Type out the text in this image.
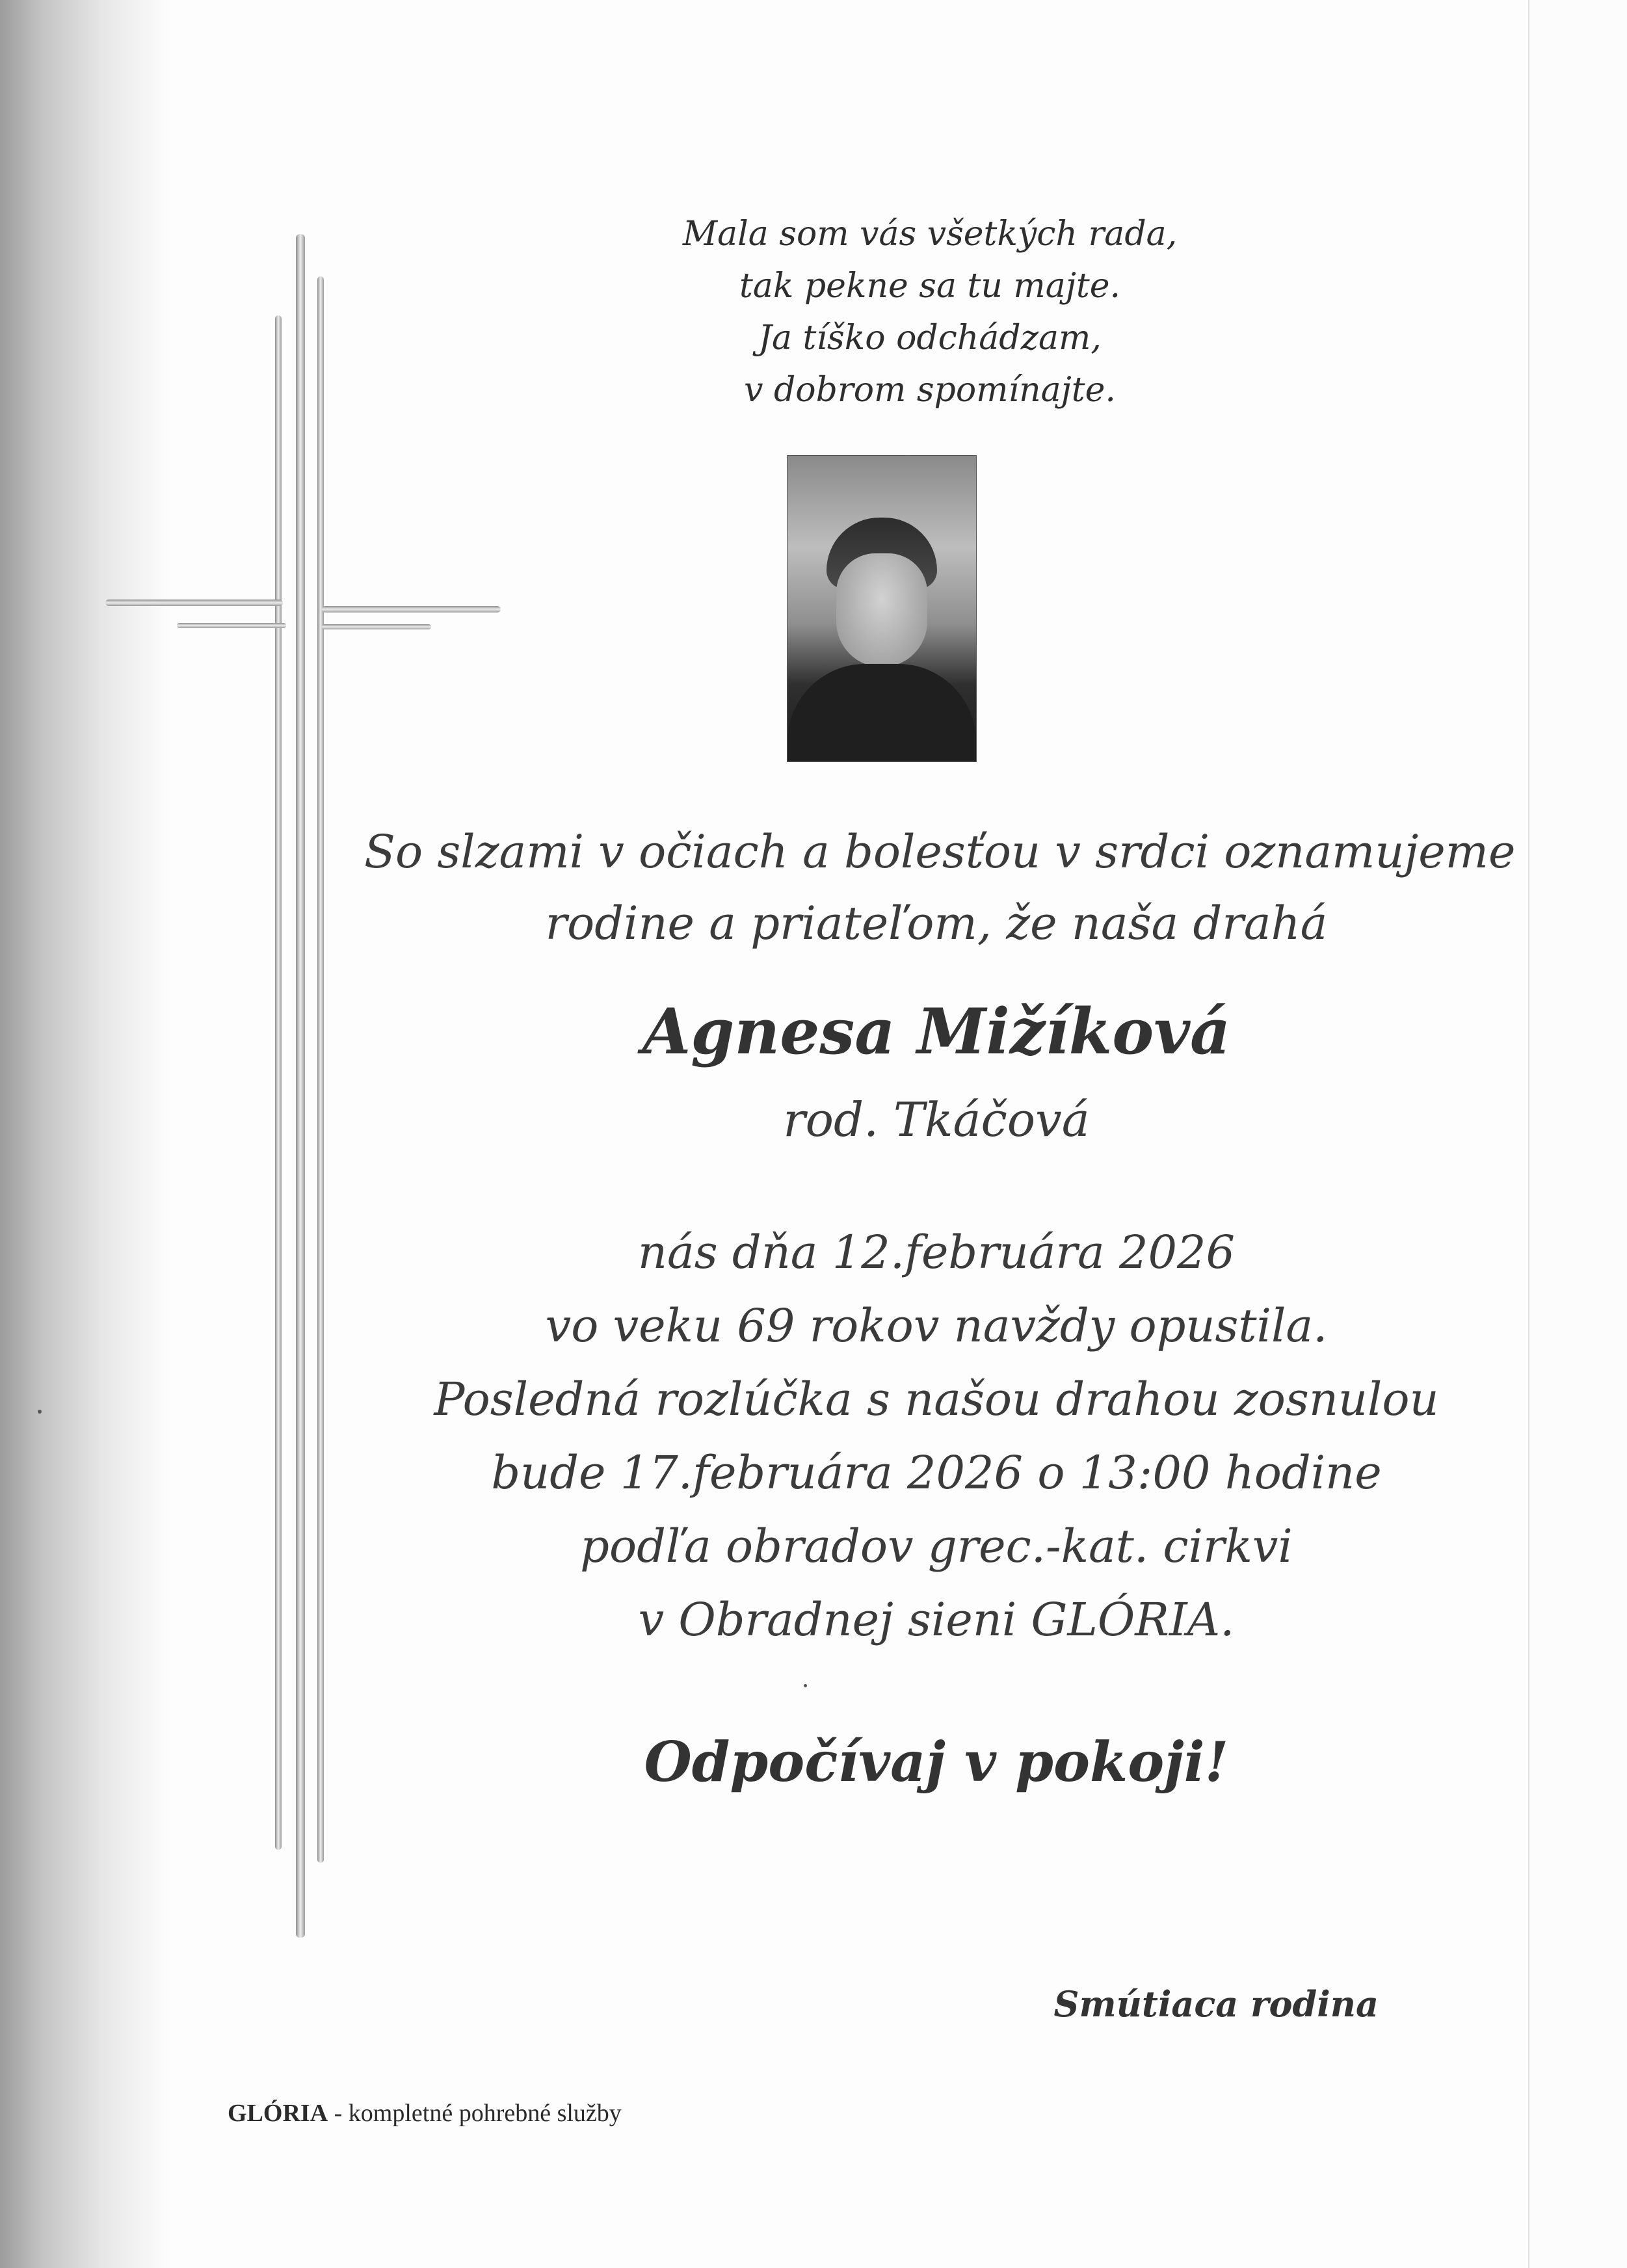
Mala som vás všetkých rada,
tak pekne sa tu majte.
Ja tíško odchádzam,
v dobrom spomínajte.
So slzami v očiach a bolesťou v srdci oznamujeme
rodine a priateľom, že naša drahá
Agnesa Mižíková
rod. Tkáčová
nás dňa 12.februára 2026
vo veku 69 rokov navždy opustila.
Posledná rozlúčka s našou drahou zosnulou
bude 17.februára 2026 o 13:00 hodine
podľa obradov grec.-kat. cirkvi
v Obradnej sieni GLÓRIA.
Odpočívaj v pokoji!
Smútiaca rodina
GLÓRIA - kompletné pohrebné služby
